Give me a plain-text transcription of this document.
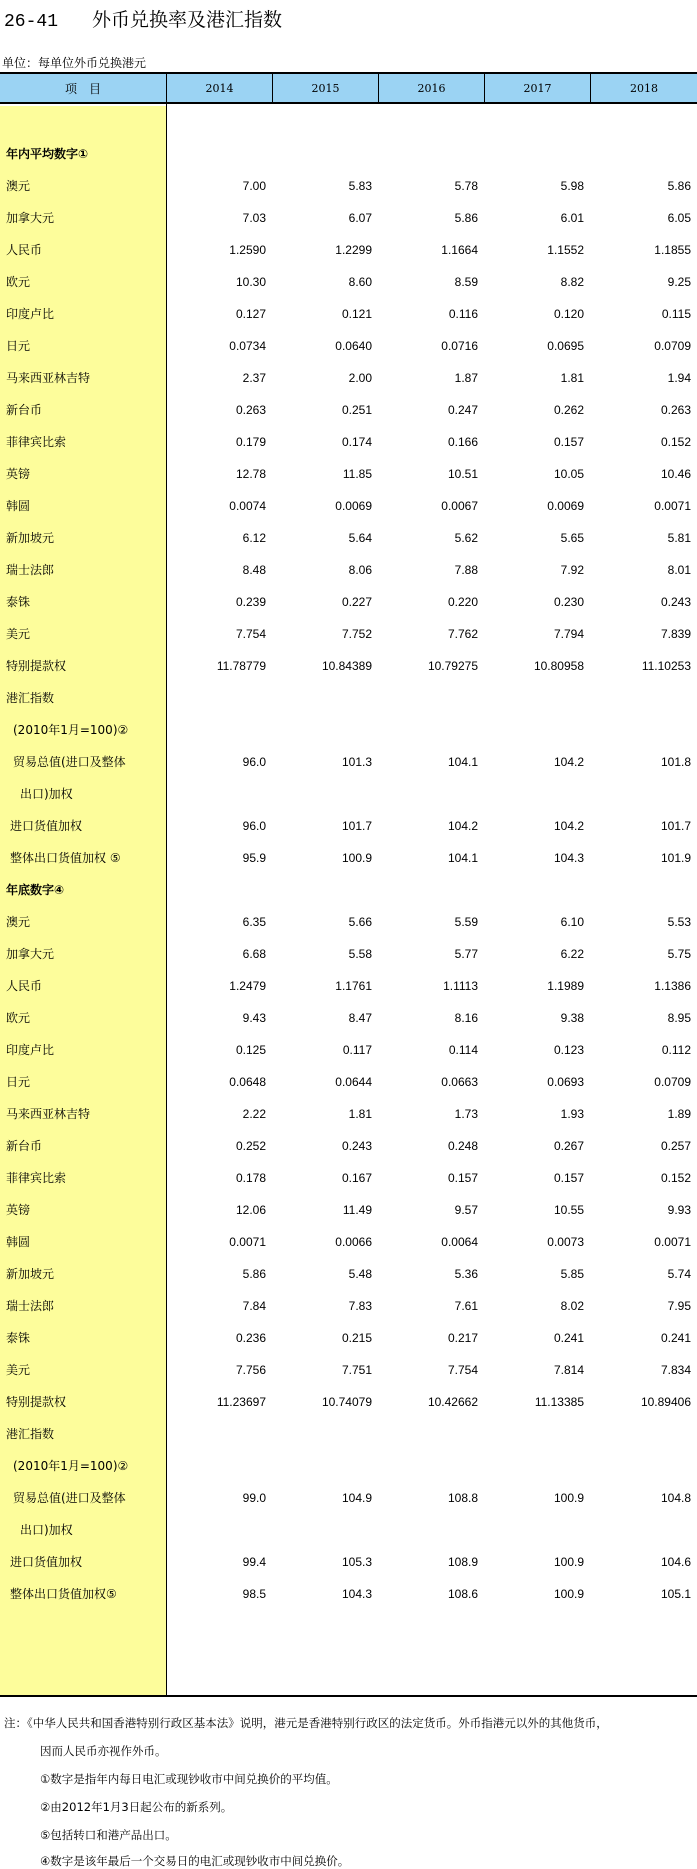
26-41 外币兑换率及港汇指数
单位：每单位外币兑换港元
项　目	2014	2015	2016	2017	2018
年内平均数字①
澳元	7.00	5.83	5.78	5.98	5.86
加拿大元	7.03	6.07	5.86	6.01	6.05
人民币	1.2590	1.2299	1.1664	1.1552	1.1855
欧元	10.30	8.60	8.59	8.82	9.25
印度卢比	0.127	0.121	0.116	0.120	0.115
日元	0.0734	0.0640	0.0716	0.0695	0.0709
马来西亚林吉特	2.37	2.00	1.87	1.81	1.94
新台币	0.263	0.251	0.247	0.262	0.263
菲律宾比索	0.179	0.174	0.166	0.157	0.152
英镑	12.78	11.85	10.51	10.05	10.46
韩圆	0.0074	0.0069	0.0067	0.0069	0.0071
新加坡元	6.12	5.64	5.62	5.65	5.81
瑞士法郎	8.48	8.06	7.88	7.92	8.01
泰铢	0.239	0.227	0.220	0.230	0.243
美元	7.754	7.752	7.762	7.794	7.839
特别提款权	11.78779	10.84389	10.79275	10.80958	11.10253
港汇指数
(2010年1月=100)②
贸易总值(进口及整体	96.0	101.3	104.1	104.2	101.8
出口)加权
进口货值加权	96.0	101.7	104.2	104.2	101.7
整体出口货值加权 ⑤	95.9	100.9	104.1	104.3	101.9
年底数字④
澳元	6.35	5.66	5.59	6.10	5.53
加拿大元	6.68	5.58	5.77	6.22	5.75
人民币	1.2479	1.1761	1.1113	1.1989	1.1386
欧元	9.43	8.47	8.16	9.38	8.95
印度卢比	0.125	0.117	0.114	0.123	0.112
日元	0.0648	0.0644	0.0663	0.0693	0.0709
马来西亚林吉特	2.22	1.81	1.73	1.93	1.89
新台币	0.252	0.243	0.248	0.267	0.257
菲律宾比索	0.178	0.167	0.157	0.157	0.152
英镑	12.06	11.49	9.57	10.55	9.93
韩圆	0.0071	0.0066	0.0064	0.0073	0.0071
新加坡元	5.86	5.48	5.36	5.85	5.74
瑞士法郎	7.84	7.83	7.61	8.02	7.95
泰铢	0.236	0.215	0.217	0.241	0.241
美元	7.756	7.751	7.754	7.814	7.834
特别提款权	11.23697	10.74079	10.42662	11.13385	10.89406
港汇指数
(2010年1月=100)②
贸易总值(进口及整体	99.0	104.9	108.8	100.9	104.8
出口)加权
进口货值加权	99.4	105.3	108.9	100.9	104.6
整体出口货值加权⑤	98.5	104.3	108.6	100.9	105.1
注：《中华人民共和国香港特别行政区基本法》说明，港元是香港特别行政区的法定货币。外币指港元以外的其他货币，
因而人民币亦视作外币。
①数字是指年内每日电汇或现钞收市中间兑换价的平均值。
②由2012年1月3日起公布的新系列。
⑤包括转口和港产品出口。
④数字是该年最后一个交易日的电汇或现钞收市中间兑换价。
